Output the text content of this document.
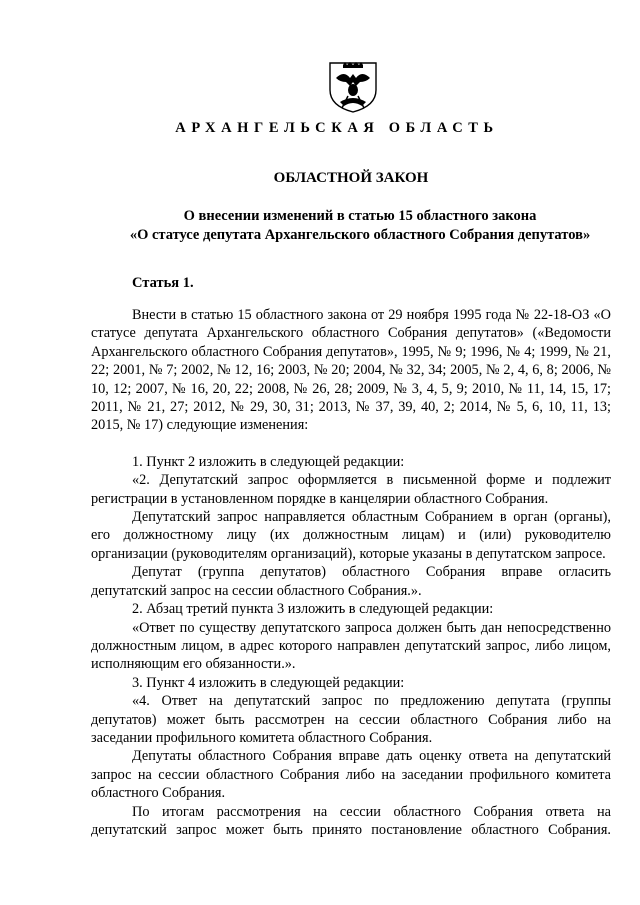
АРХАНГЕЛЬСКАЯ ОБЛАСТЬ
ОБЛАСТНОЙ ЗАКОН
О внесении изменений в статью 15 областного закона
«О статусе депутата Архангельского областного Собрания депутатов»
Статья 1.

Внести в статью 15 областного закона от 29 ноября 1995 года № 22-18-ОЗ «О статусе депутата Архангельского областного Собрания депутатов» («Ведомости Архангельского областного Собрания депутатов», 1995, № 9; 1996, № 4; 1999, № 21, 22; 2001, № 7; 2002, № 12, 16; 2003, № 20; 2004, № 32, 34; 2005, № 2, 4, 6, 8; 2006, № 10, 12; 2007, № 16, 20, 22; 2008, № 26, 28; 2009, № 3, 4, 5, 9; 2010, № 11, 14, 15, 17; 2011, № 21, 27; 2012, № 29, 30, 31; 2013, № 37, 39, 40, 2; 2014, № 5, 6, 10, 11, 13; 2015, № 17) следующие изменения:

1. Пункт 2 изложить в следующей редакции:

«2. Депутатский запрос оформляется в письменной форме и подлежит регистрации в установленном порядке в канцелярии областного Собрания.

Депутатский запрос направляется областным Собранием в орган (органы), его должностному лицу (их должностным лицам) и (или) руководителю организации (руководителям организаций), которые указаны в депутатском запросе.

Депутат (группа депутатов) областного Собрания вправе огласить депутатский запрос на сессии областного Собрания.».

2. Абзац третий пункта 3 изложить в следующей редакции:

«Ответ по существу депутатского запроса должен быть дан непосредственно должностным лицом, в адрес которого направлен депутатский запрос, либо лицом, исполняющим его обязанности.».

3. Пункт 4 изложить в следующей редакции:

«4. Ответ на депутатский запрос по предложению депутата (группы депутатов) может быть рассмотрен на сессии областного Собрания либо на заседании профильного комитета областного Собрания.

Депутаты областного Собрания вправе дать оценку ответа на депутатский запрос на сессии областного Собрания либо на заседании профильного комитета областного Собрания.

По итогам рассмотрения на сессии областного Собрания ответа на депутатский запрос может быть принято постановление областного Собрания.
